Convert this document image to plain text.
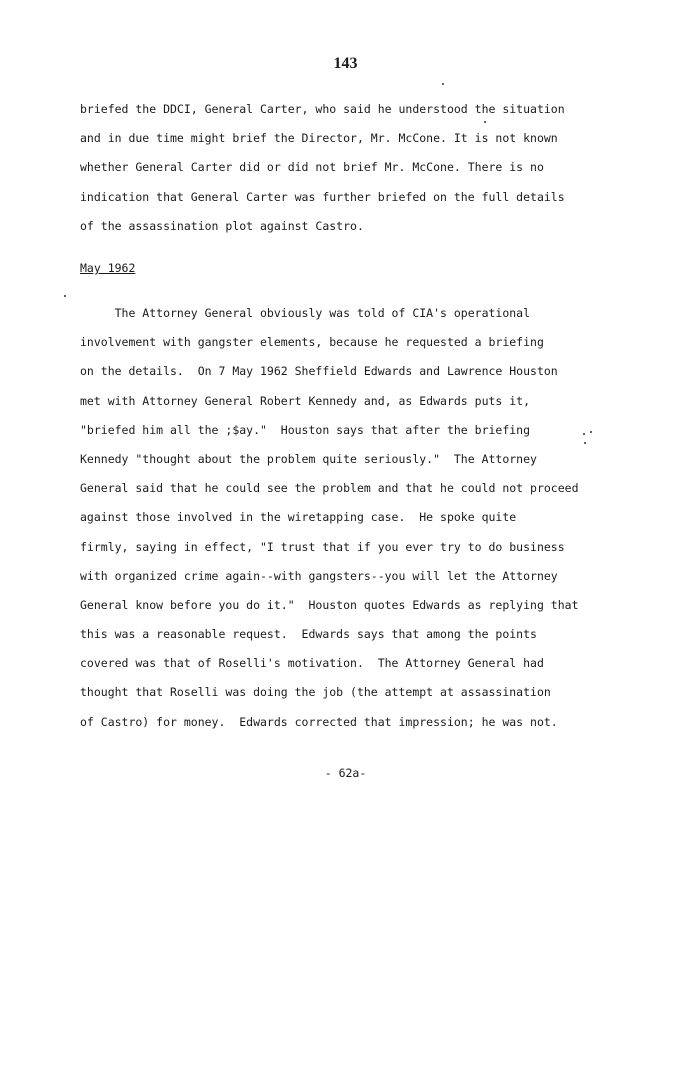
143
briefed the DDCI, General Carter, who said he understood the situation
and in due time might brief the Director, Mr. McCone. It is not known
whether General Carter did or did not brief Mr. McCone. There is no
indication that General Carter was further briefed on the full details
of the assassination plot against Castro.
May 1962
The Attorney General obviously was told of CIA's operational
involvement with gangster elements, because he requested a briefing
on the details.  On 7 May 1962 Sheffield Edwards and Lawrence Houston
met with Attorney General Robert Kennedy and, as Edwards puts it,
"briefed him all the ;$ay."  Houston says that after the briefing
Kennedy "thought about the problem quite seriously."  The Attorney
General said that he could see the problem and that he could not proceed
against those involved in the wiretapping case.  He spoke quite
firmly, saying in effect, "I trust that if you ever try to do business
with organized crime again--with gangsters--you will let the Attorney
General know before you do it."  Houston quotes Edwards as replying that
this was a reasonable request.  Edwards says that among the points
covered was that of Roselli's motivation.  The Attorney General had
thought that Roselli was doing the job (the attempt at assassination
of Castro) for money.  Edwards corrected that impression; he was not.
- 62a-
